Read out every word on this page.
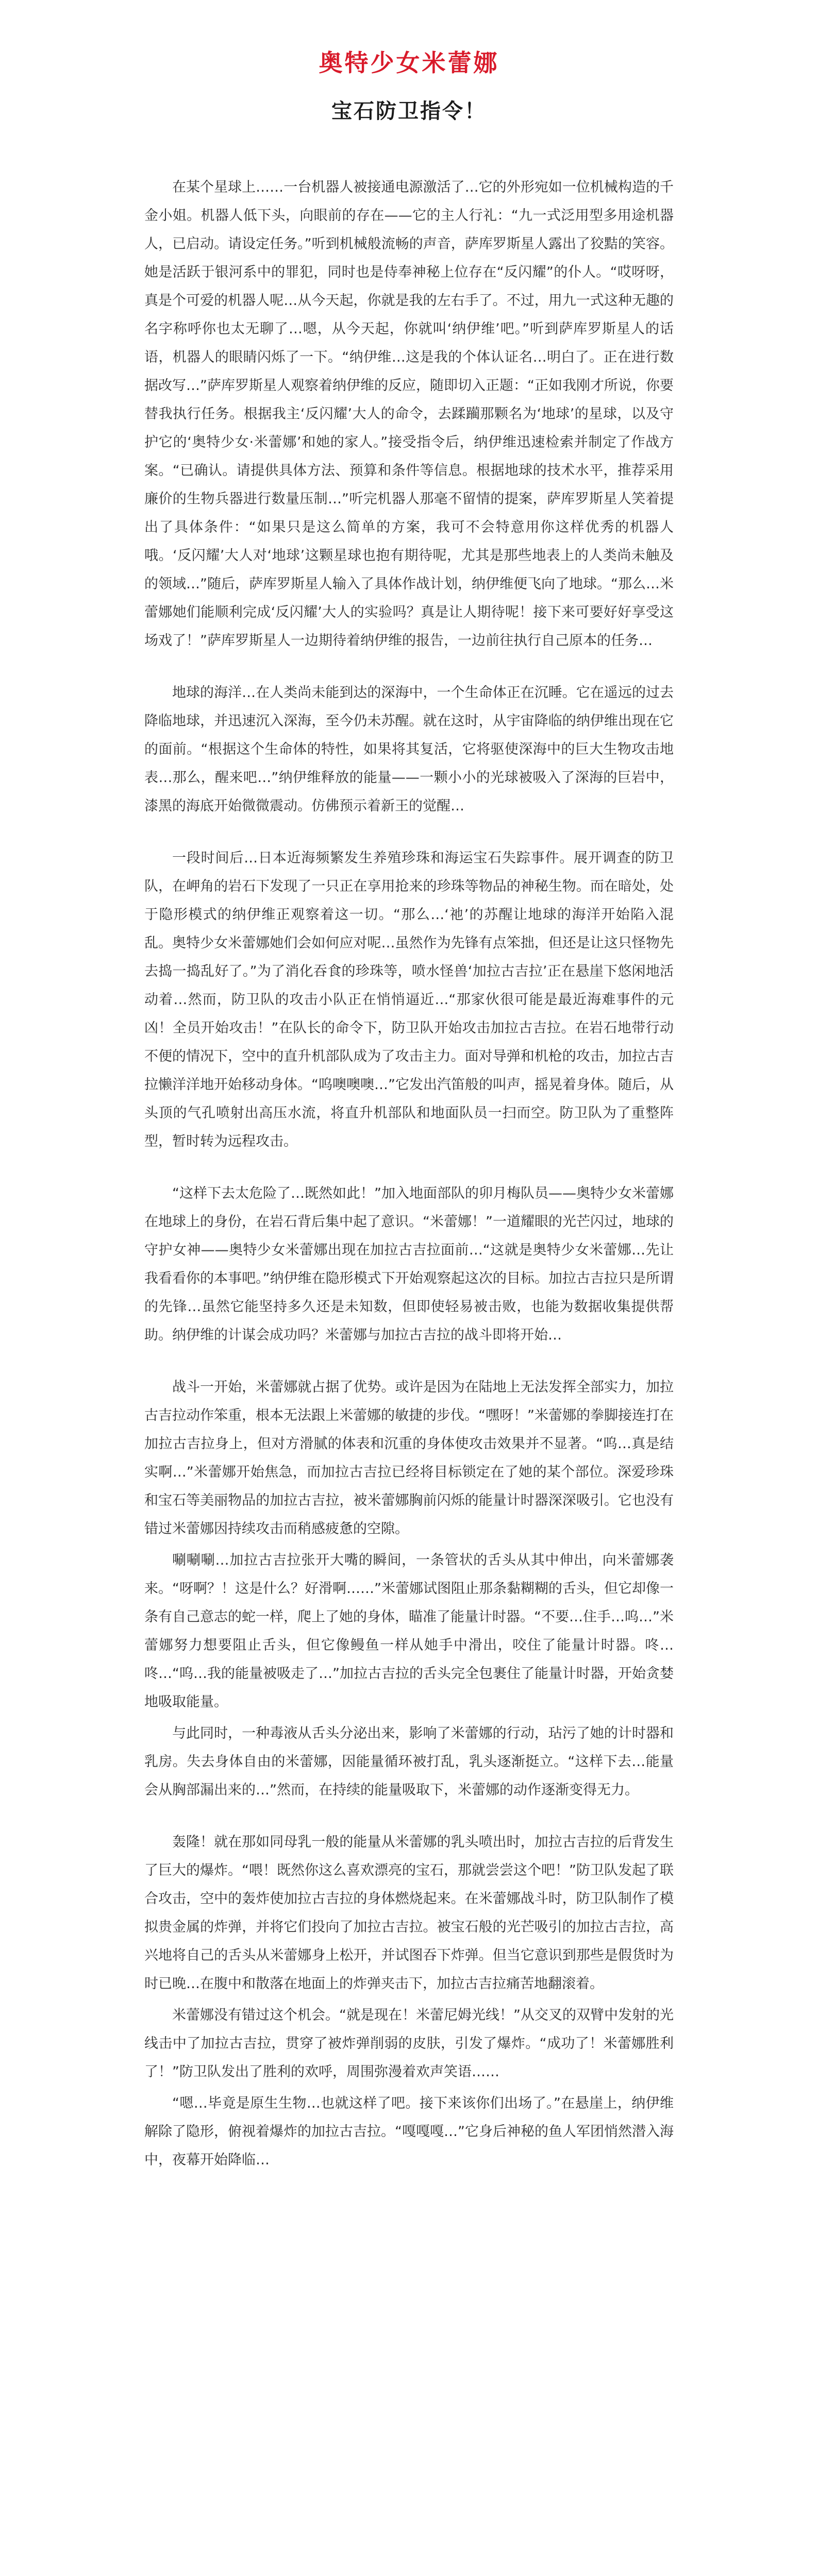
奥特少女米蕾娜
宝石防卫指令！

在某个星球上……一台机器人被接通电源激活了…它的外形宛如一位机械构造的千金小姐。机器人低下头，向眼前的存在——它的主人行礼：“九一式泛用型多用途机器人，已启动。请设定任务。”听到机械般流畅的声音，萨库罗斯星人露出了狡黠的笑容。她是活跃于银河系中的罪犯，同时也是侍奉神秘上位存在“反闪耀”的仆人。“哎呀呀，真是个可爱的机器人呢…从今天起，你就是我的左右手了。不过，用九一式这种无趣的名字称呼你也太无聊了…嗯，从今天起，你就叫‘纳伊维’吧。”听到萨库罗斯星人的话语，机器人的眼睛闪烁了一下。“纳伊维…这是我的个体认证名…明白了。正在进行数据改写…”萨库罗斯星人观察着纳伊维的反应，随即切入正题：“正如我刚才所说，你要替我执行任务。根据我主‘反闪耀’大人的命令，去蹂躏那颗名为‘地球’的星球，以及守护它的‘奥特少女·米蕾娜’和她的家人。”接受指令后，纳伊维迅速检索并制定了作战方案。“已确认。请提供具体方法、预算和条件等信息。根据地球的技术水平，推荐采用廉价的生物兵器进行数量压制…”听完机器人那毫不留情的提案，萨库罗斯星人笑着提出了具体条件：“如果只是这么简单的方案，我可不会特意用你这样优秀的机器人哦。‘反闪耀’大人对‘地球’这颗星球也抱有期待呢，尤其是那些地表上的人类尚未触及的领域…”随后，萨库罗斯星人输入了具体作战计划，纳伊维便飞向了地球。“那么…米蕾娜她们能顺利完成‘反闪耀’大人的实验吗？真是让人期待呢！接下来可要好好享受这场戏了！”萨库罗斯星人一边期待着纳伊维的报告，一边前往执行自己原本的任务…

地球的海洋…在人类尚未能到达的深海中，一个生命体正在沉睡。它在遥远的过去降临地球，并迅速沉入深海，至今仍未苏醒。就在这时，从宇宙降临的纳伊维出现在它的面前。“根据这个生命体的特性，如果将其复活，它将驱使深海中的巨大生物攻击地表…那么，醒来吧…”纳伊维释放的能量——一颗小小的光球被吸入了深海的巨岩中，漆黑的海底开始微微震动。仿佛预示着新王的觉醒…

一段时间后…日本近海频繁发生养殖珍珠和海运宝石失踪事件。展开调查的防卫队，在岬角的岩石下发现了一只正在享用抢来的珍珠等物品的神秘生物。而在暗处，处于隐形模式的纳伊维正观察着这一切。“那么…‘祂’的苏醒让地球的海洋开始陷入混乱。奥特少女米蕾娜她们会如何应对呢…虽然作为先锋有点笨拙，但还是让这只怪物先去捣一捣乱好了。”为了消化吞食的珍珠等，喷水怪兽‘加拉古吉拉’正在悬崖下悠闲地活动着…然而，防卫队的攻击小队正在悄悄逼近…“那家伙很可能是最近海难事件的元凶！全员开始攻击！”在队长的命令下，防卫队开始攻击加拉古吉拉。在岩石地带行动不便的情况下，空中的直升机部队成为了攻击主力。面对导弹和机枪的攻击，加拉古吉拉懒洋洋地开始移动身体。“呜噢噢噢…”它发出汽笛般的叫声，摇晃着身体。随后，从头顶的气孔喷射出高压水流，将直升机部队和地面队员一扫而空。防卫队为了重整阵型，暂时转为远程攻击。

“这样下去太危险了…既然如此！”加入地面部队的卯月梅队员——奥特少女米蕾娜在地球上的身份，在岩石背后集中起了意识。“米蕾娜！”一道耀眼的光芒闪过，地球的守护女神——奥特少女米蕾娜出现在加拉古吉拉面前…“这就是奥特少女米蕾娜…先让我看看你的本事吧。”纳伊维在隐形模式下开始观察起这次的目标。加拉古吉拉只是所谓的先锋…虽然它能坚持多久还是未知数，但即使轻易被击败，也能为数据收集提供帮助。纳伊维的计谋会成功吗？米蕾娜与加拉古吉拉的战斗即将开始…

战斗一开始，米蕾娜就占据了优势。或许是因为在陆地上无法发挥全部实力，加拉古吉拉动作笨重，根本无法跟上米蕾娜的敏捷的步伐。“嘿呀！”米蕾娜的拳脚接连打在加拉古吉拉身上，但对方滑腻的体表和沉重的身体使攻击效果并不显著。“呜…真是结实啊…”米蕾娜开始焦急，而加拉古吉拉已经将目标锁定在了她的某个部位。深爱珍珠和宝石等美丽物品的加拉古吉拉，被米蕾娜胸前闪烁的能量计时器深深吸引。它也没有错过米蕾娜因持续攻击而稍感疲惫的空隙。

唰唰唰…加拉古吉拉张开大嘴的瞬间，一条管状的舌头从其中伸出，向米蕾娜袭来。“呀啊？！这是什么？好滑啊……”米蕾娜试图阻止那条黏糊糊的舌头，但它却像一条有自己意志的蛇一样，爬上了她的身体，瞄准了能量计时器。“不要…住手…呜…”米蕾娜努力想要阻止舌头，但它像鳗鱼一样从她手中滑出，咬住了能量计时器。咚…咚…“呜…我的能量被吸走了…”加拉古吉拉的舌头完全包裹住了能量计时器，开始贪婪地吸取能量。

与此同时，一种毒液从舌头分泌出来，影响了米蕾娜的行动，玷污了她的计时器和乳房。失去身体自由的米蕾娜，因能量循环被打乱，乳头逐渐挺立。“这样下去…能量会从胸部漏出来的…”然而，在持续的能量吸取下，米蕾娜的动作逐渐变得无力。

轰隆！就在那如同母乳一般的能量从米蕾娜的乳头喷出时，加拉古吉拉的后背发生了巨大的爆炸。“喂！既然你这么喜欢漂亮的宝石，那就尝尝这个吧！”防卫队发起了联合攻击，空中的轰炸使加拉古吉拉的身体燃烧起来。在米蕾娜战斗时，防卫队制作了模拟贵金属的炸弹，并将它们投向了加拉古吉拉。被宝石般的光芒吸引的加拉古吉拉，高兴地将自己的舌头从米蕾娜身上松开，并试图吞下炸弹。但当它意识到那些是假货时为时已晚…在腹中和散落在地面上的炸弹夹击下，加拉古吉拉痛苦地翻滚着。

米蕾娜没有错过这个机会。“就是现在！米蕾尼姆光线！”从交叉的双臂中发射的光线击中了加拉古吉拉，贯穿了被炸弹削弱的皮肤，引发了爆炸。“成功了！米蕾娜胜利了！”防卫队发出了胜利的欢呼，周围弥漫着欢声笑语……

“嗯…毕竟是原生生物…也就这样了吧。接下来该你们出场了。”在悬崖上，纳伊维解除了隐形，俯视着爆炸的加拉古吉拉。“嘎嘎嘎…”它身后神秘的鱼人军团悄然潜入海中，夜幕开始降临…
